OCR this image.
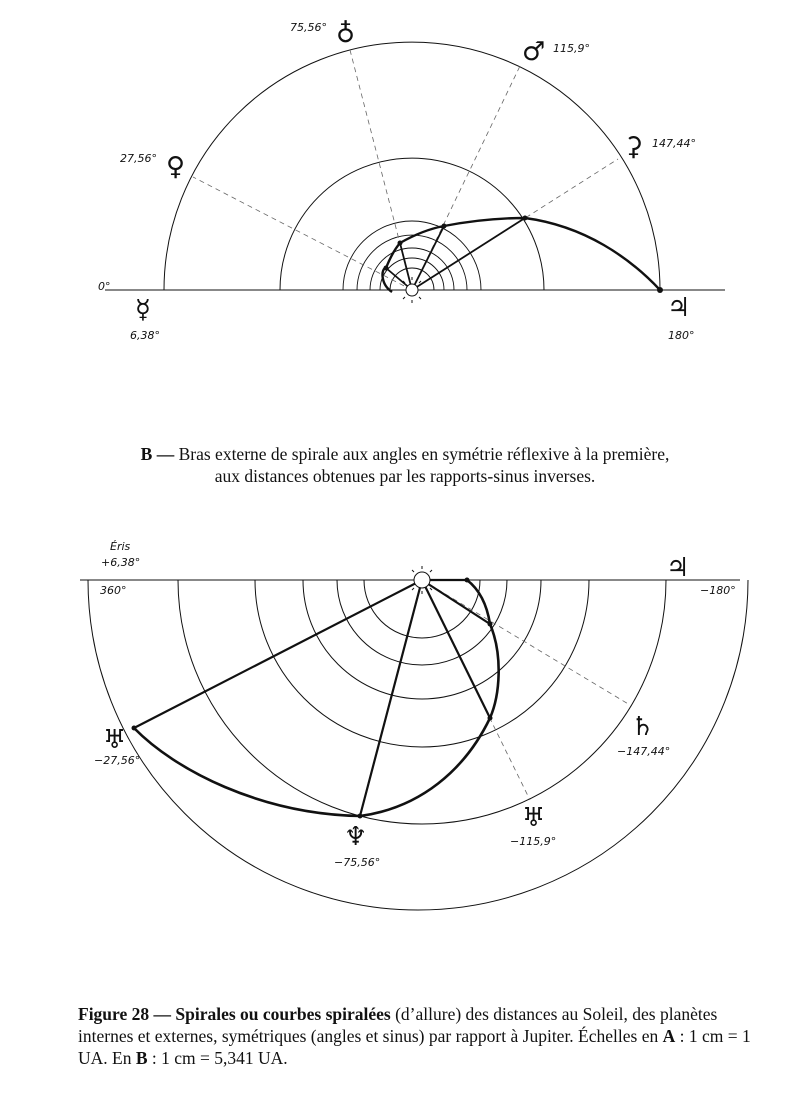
0°
♁
75,56°
♂ 115,9°
♀
27,56°	⚳ 147,44°
☿
6,38°
♃
180°
Éris
+6,38°
360°	−180°
♃
♅
−27,56°
♆
−75,56°
♅
−115,9°
♄
−147,44°
B — Bras externe de spirale aux angles en symétrie réflexive à la première,
aux distances obtenues par les rapports-sinus inverses.
Figure 28 — Spirales ou courbes spiralées (d’allure) des distances au Soleil, des planètes internes et externes, symétriques (angles et sinus) par rapport à Jupiter. Échelles en A : 1 cm = 1 UA. En B : 1 cm = 5,341 UA.
